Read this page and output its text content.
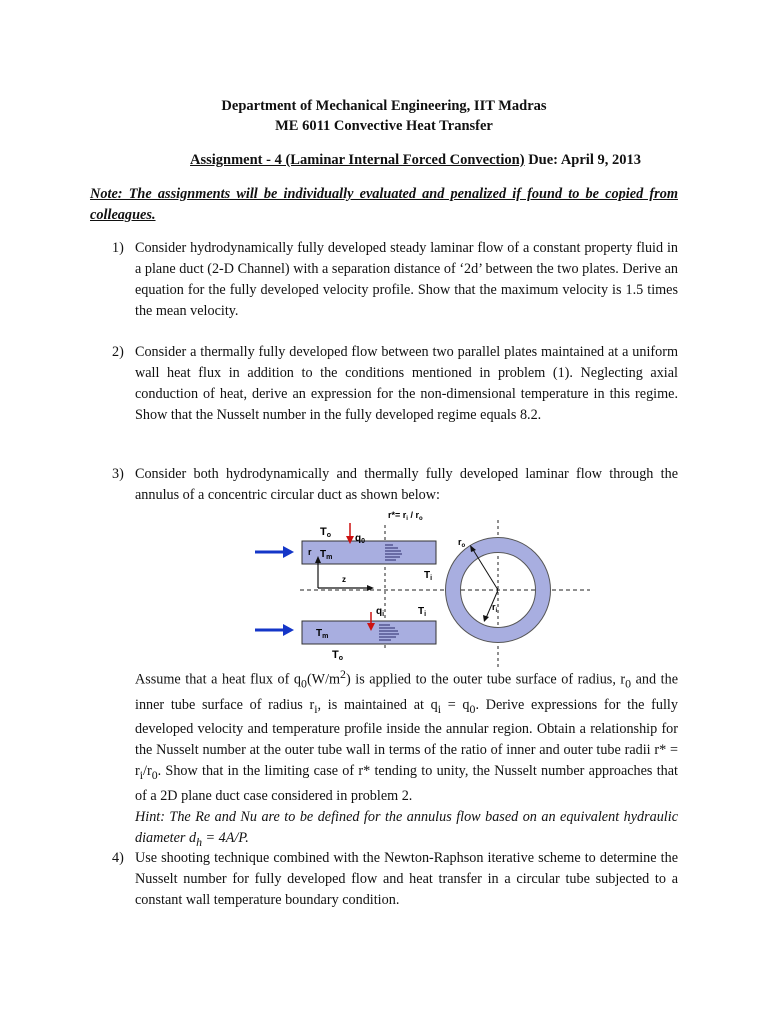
Department of Mechanical Engineering, IIT Madras
ME 6011 Convective Heat Transfer
Assignment - 4 (Laminar Internal Forced Convection) Due: April 9, 2013
Note: The assignments will be individually evaluated and penalized if found to be copied from colleagues.
1) Consider hydrodynamically fully developed steady laminar flow of a constant property fluid in a plane duct (2-D Channel) with a separation distance of ‘2d’ between the two plates. Derive an equation for the fully developed velocity profile. Show that the maximum velocity is 1.5 times the mean velocity.
2) Consider a thermally fully developed flow between two parallel plates maintained at a uniform wall heat flux in addition to the conditions mentioned in problem (1). Neglecting axial conduction of heat, derive an expression for the non-dimensional temperature in this regime. Show that the Nusselt number in the fully developed regime equals 8.2.
3) Consider both hydrodynamically and thermally fully developed laminar flow through the annulus of a concentric circular duct as shown below:
$r*= r_i / r_o$
To $q_0$
r $T_m$
$T_i$
z
$q_i$	$T_i$
$T_m$
To
$r_o$
$r_i$
Assume that a heat flux of $q_0(W/m^2)$ is applied to the outer tube surface of radius, $r_0$ and the inner tube surface of radius $r_i$, is maintained at $q_i = q_0$. Derive expressions for the fully developed velocity and temperature profile inside the annular region. Obtain a relationship for the Nusselt number at the outer tube wall in terms of the ratio of inner and outer tube radii $r* = r_i/r_0$. Show that in the limiting case of r* tending to unity, the Nusselt number approaches that of a 2D plane duct case considered in problem 2.
Hint: The Re and Nu are to be defined for the annulus flow based on an equivalent hydraulic diameter $d_h = 4A/P$.
4) Use shooting technique combined with the Newton-Raphson iterative scheme to determine the Nusselt number for fully developed flow and heat transfer in a circular tube subjected to a constant wall temperature boundary condition.
